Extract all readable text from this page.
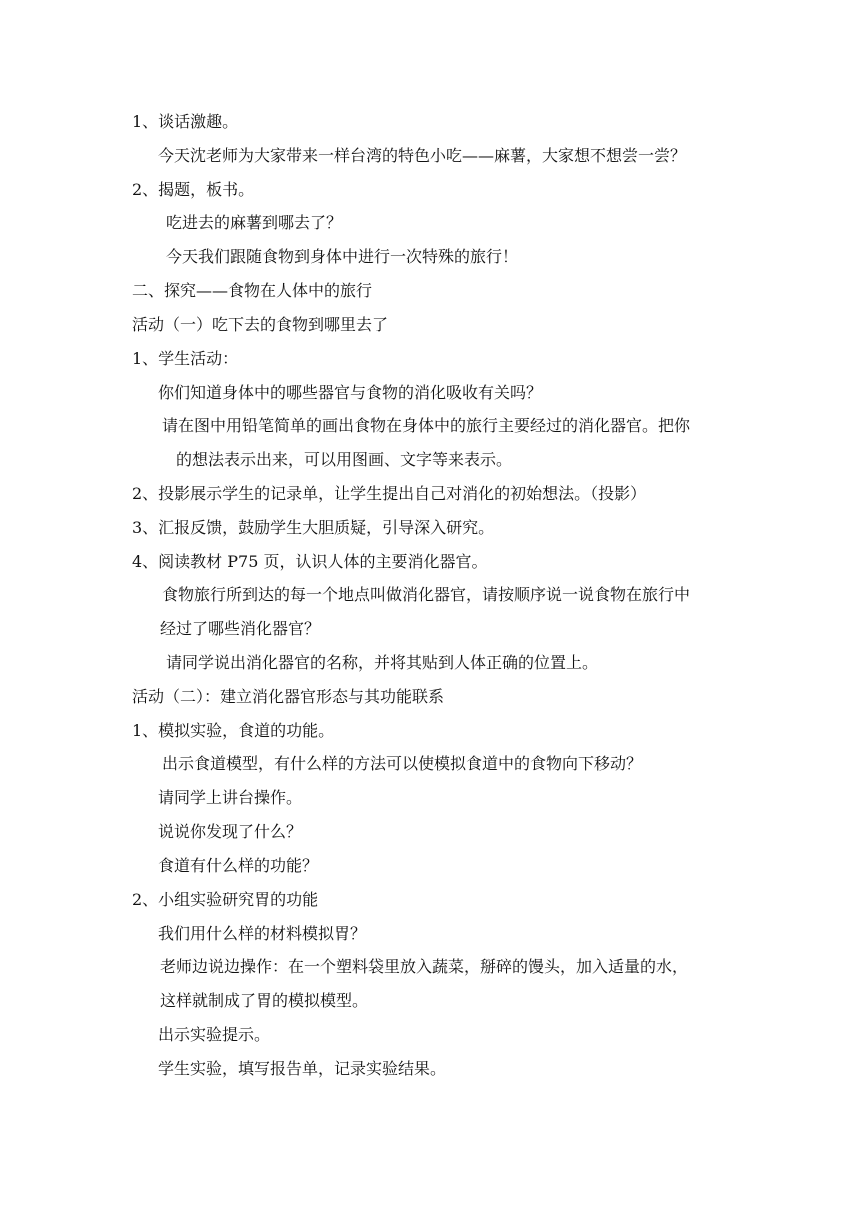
1、谈话激趣。
今天沈老师为大家带来一样台湾的特色小吃——麻薯，大家想不想尝一尝？
2、揭题，板书。
吃进去的麻薯到哪去了？
今天我们跟随食物到身体中进行一次特殊的旅行！
二、探究——食物在人体中的旅行
活动（一）吃下去的食物到哪里去了
1、学生活动：
你们知道身体中的哪些器官与食物的消化吸收有关吗？
请在图中用铅笔简单的画出食物在身体中的旅行主要经过的消化器官。把你
的想法表示出来，可以用图画、文字等来表示。
2、投影展示学生的记录单，让学生提出自己对消化的初始想法。（投影）
3、汇报反馈，鼓励学生大胆质疑，引导深入研究。
4、阅读教材 P75 页，认识人体的主要消化器官。
食物旅行所到达的每一个地点叫做消化器官，请按顺序说一说食物在旅行中
经过了哪些消化器官？
请同学说出消化器官的名称，并将其贴到人体正确的位置上。
活动（二）：建立消化器官形态与其功能联系
1、模拟实验，食道的功能。
出示食道模型，有什么样的方法可以使模拟食道中的食物向下移动？
请同学上讲台操作。
说说你发现了什么？
食道有什么样的功能？
2、小组实验研究胃的功能
我们用什么样的材料模拟胃？
老师边说边操作：在一个塑料袋里放入蔬菜，掰碎的馒头，加入适量的水，
这样就制成了胃的模拟模型。
出示实验提示。
学生实验，填写报告单，记录实验结果。
